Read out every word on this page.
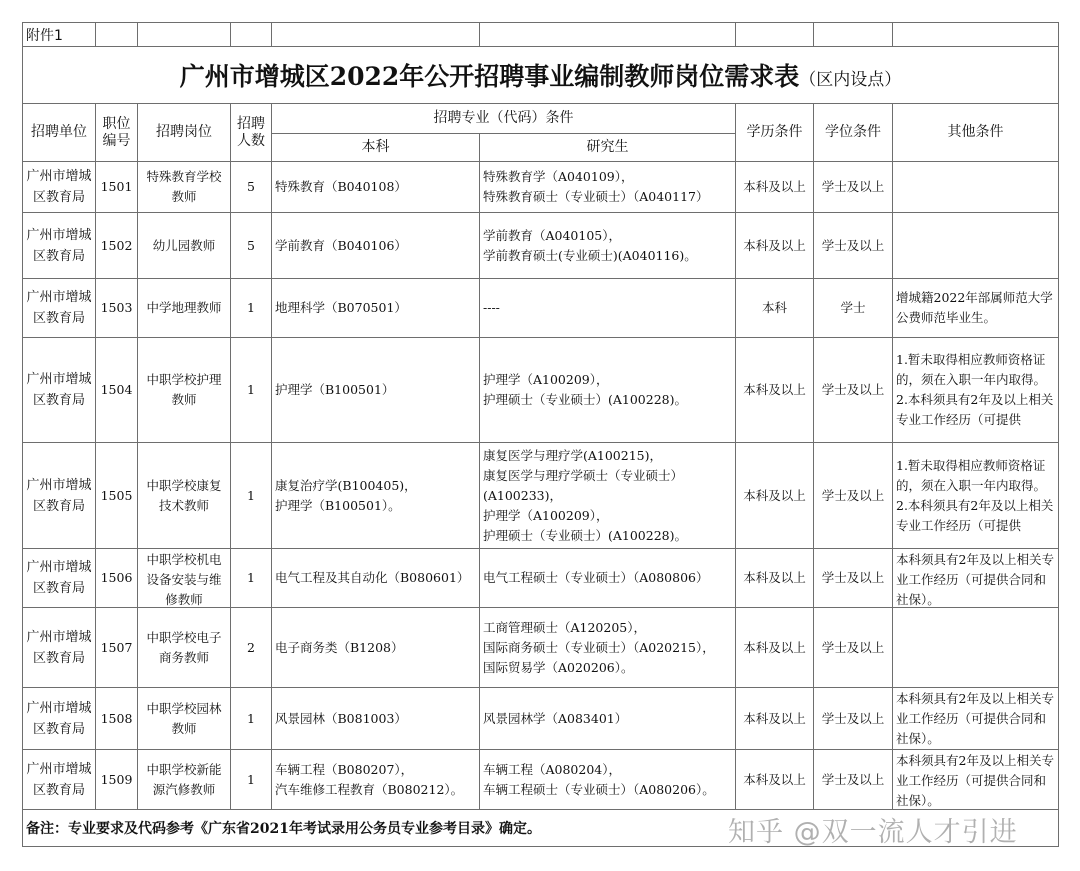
附件1								
广州市增城区2022年公开招聘事业编制教师岗位需求表（区内设点）								
招聘单位	职位编号	招聘岗位	招聘人数	招聘专业（代码）条件		学历条件	学位条件	其他条件
				本科	研究生			

广州市增城区教育局	1501	特殊教育学校教师	5	特殊教育（B040108）	特殊教育学（A040109），
特殊教育硕士（专业硕士）（A040117）	本科及以上	学士及以上	

广州市增城区教育局	1502	幼儿园教师	5	学前教育（B040106）	学前教育（A040105），
学前教育硕士(专业硕士)(A040116)。	本科及以上	学士及以上	

广州市增城区教育局	1503	中学地理教师	1	地理科学（B070501）	----	本科	学士	增城籍2022年部属师范大学公费师范毕业生。

广州市增城区教育局	1504	中职学校护理教师	1	护理学（B100501）	护理学（A100209），
护理硕士（专业硕士）(A100228)。	本科及以上	学士及以上	1.暂未取得相应教师资格证的，须在入职一年内取得。
2.本科须具有2年及以上相关专业工作经历（可提供

广州市增城区教育局	1505	中职学校康复技术教师	1	康复治疗学(B100405)，
护理学（B100501）。	康复医学与理疗学(A100215)，
康复医学与理疗学硕士（专业硕士）(A100233)，
护理学（A100209），
护理硕士（专业硕士）(A100228)。	本科及以上	学士及以上	1.暂未取得相应教师资格证的，须在入职一年内取得。
2.本科须具有2年及以上相关专业工作经历（可提供

广州市增城区教育局	1506	中职学校机电设备安装与维修教师	1	电气工程及其自动化（B080601）	电气工程硕士（专业硕士）（A080806）	本科及以上	学士及以上	本科须具有2年及以上相关专业工作经历（可提供合同和社保）。

广州市增城区教育局	1507	中职学校电子商务教师	2	电子商务类（B1208）	工商管理硕士（A120205），
国际商务硕士（专业硕士）（A020215），
国际贸易学（A020206）。	本科及以上	学士及以上	

广州市增城区教育局	1508	中职学校园林教师	1	风景园林（B081003）	风景园林学（A083401）	本科及以上	学士及以上	本科须具有2年及以上相关专业工作经历（可提供合同和社保）。

广州市增城区教育局	1509	中职学校新能源汽修教师	1	车辆工程（B080207），
汽车维修工程教育（B080212）。	车辆工程（A080204），
车辆工程硕士（专业硕士）（A080206）。	本科及以上	学士及以上	本科须具有2年及以上相关专业工作经历（可提供合同和社保）。

备注：专业要求及代码参考《广东省2021年考试录用公务员专业参考目录》确定。									知乎 @双一流人才引进
